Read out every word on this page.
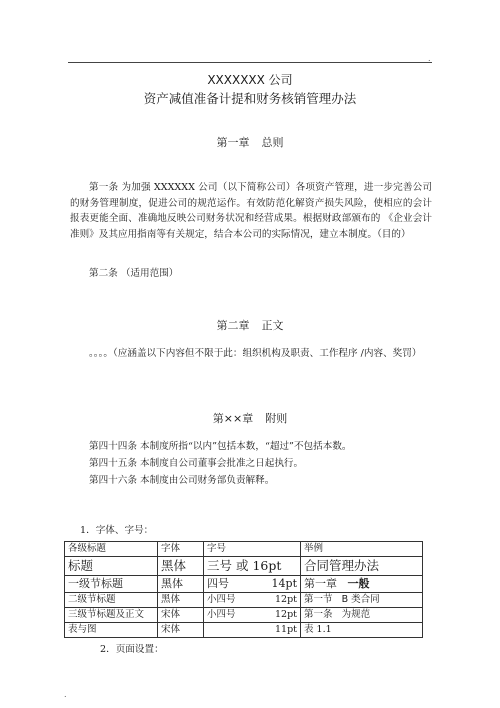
.
XXXXXXX 公司
资产减值准备计提和财务核销管理办法
第一章 总则
第一条 为加强 XXXXXX 公司（以下简称公司）各项资产管理，进一步完善公司的财务管理制度，促进公司的规范运作。有效防范化解资产损失风险，使相应的会计报表更能全面、准确地反映公司财务状况和经营成果。根据财政部颁布的 《企业会计准则》及其应用指南等有关规定，结合本公司的实际情况，建立本制度。（目的）
第二条 （适用范围）
第二章 正文
。。。。（应涵盖以下内容但不限于此：组织机构及职责、工作程序 /内容、奖罚）
第××章 附则
第四十四条 本制度所指“以内”包括本数，“超过”不包括本数。
第四十五条 本制度自公司董事会批准之日起执行。
第四十六条 本制度由公司财务部负责解释。
1．字体、字号：
各级标题	字体	字号	举例
标题	黑体	三号 或 16pt	合同管理办法
一级节标题	黑体	四号 14pt	第一章 一般
二级节标题	黑体	小四号 12pt	第一节 B 类合同
三级节标题及正文	宋体	小四号 12pt	第一条 为规范
表与图	宋体	11pt	表 1.1
2．页面设置：
.
